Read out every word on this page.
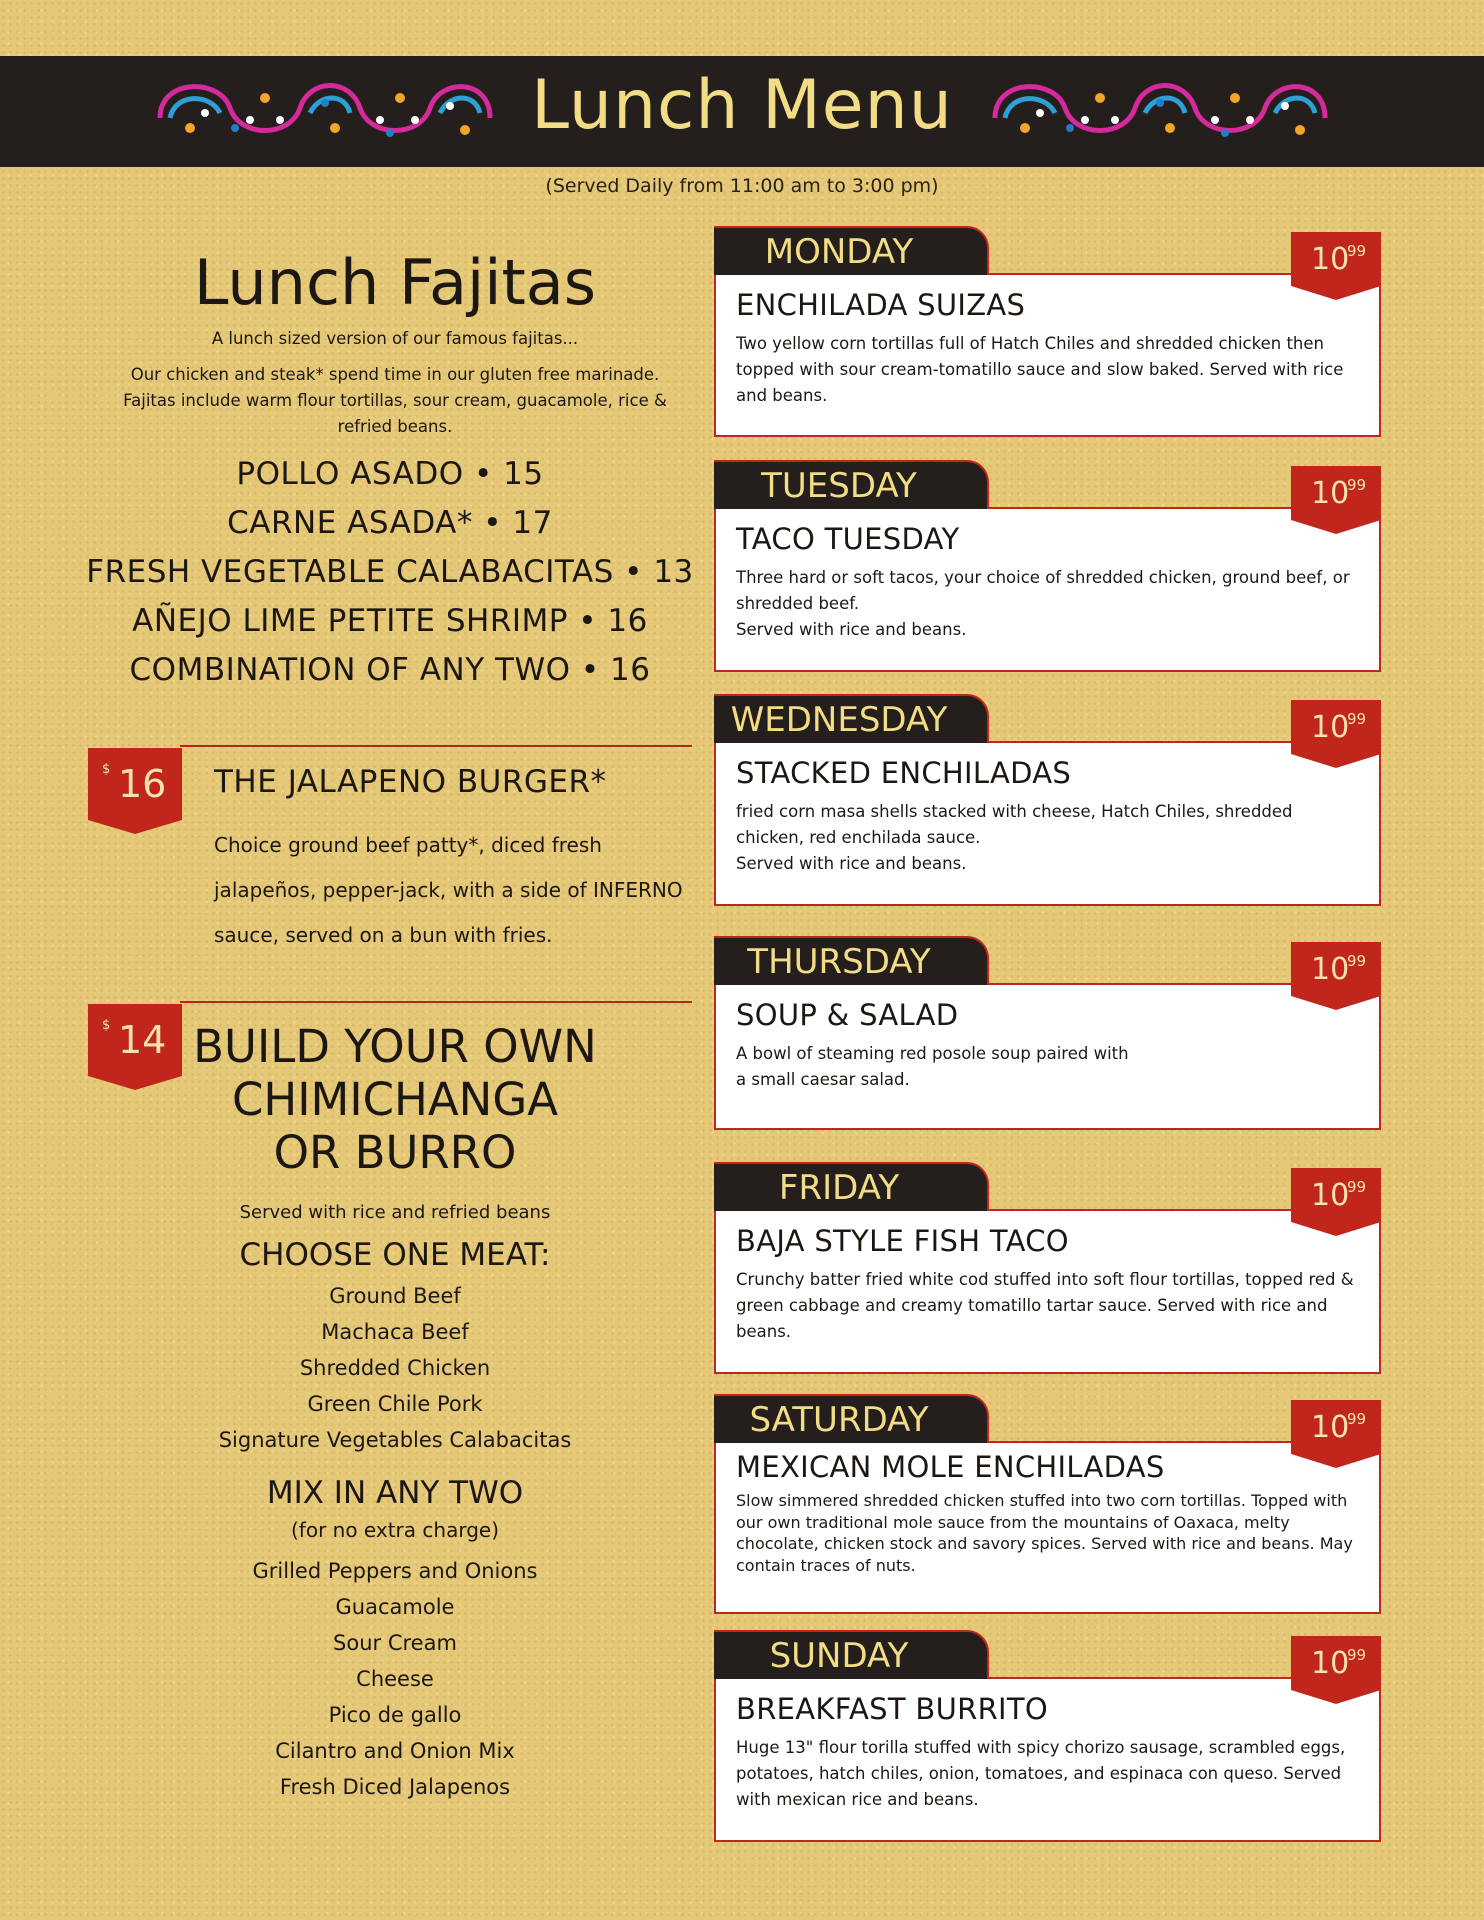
Lunch Menu
(Served Daily from 11:00 am to 3:00 pm)
Lunch Fajitas
A lunch sized version of our famous fajitas...
Our chicken and steak* spend time in our gluten free marinade. Fajitas include warm flour tortillas, sour cream, guacamole, rice & refried beans.
POLLO ASADO • 15
CARNE ASADA* • 17
FRESH VEGETABLE CALABACITAS • 13
AÑEJO LIME PETITE SHRIMP • 16
COMBINATION OF ANY TWO • 16
$ 16 THE JALAPENO BURGER*
Choice ground beef patty*, diced fresh jalapeños, pepper-jack, with a side of INFERNO sauce, served on a bun with fries.
$ 14 BUILD YOUR OWN
CHIMICHANGA
OR BURRO
Served with rice and refried beans
CHOOSE ONE MEAT:
Ground Beef
Machaca Beef
Shredded Chicken
Green Chile Pork
Signature Vegetables Calabacitas
MIX IN ANY TWO
(for no extra charge)
Grilled Peppers and Onions
Guacamole
Sour Cream
Cheese
Pico de gallo
Cilantro and Onion Mix
Fresh Diced Jalapenos
MONDAY	10
99
ENCHILADA SUIZAS
Two yellow corn tortillas full of Hatch Chiles and shredded chicken then topped with sour cream-tomatillo sauce and slow baked. Served with rice and beans.
TUESDAY	10
99
TACO TUESDAY
Three hard or soft tacos, your choice of shredded chicken, ground beef, or shredded beef.
Served with rice and beans.
WEDNESDAY	10
99
STACKED ENCHILADAS
fried corn masa shells stacked with cheese, Hatch Chiles, shredded chicken, red enchilada sauce.
Served with rice and beans.
THURSDAY	10
99
SOUP & SALAD
A bowl of steaming red posole soup paired with
a small caesar salad.
FRIDAY	10
99
BAJA STYLE FISH TACO
Crunchy batter fried white cod stuffed into soft flour tortillas, topped red & green cabbage and creamy tomatillo tartar sauce. Served with rice and beans.
SATURDAY	10
99
MEXICAN MOLE ENCHILADAS
Slow simmered shredded chicken stuffed into two corn tortillas. Topped with our own traditional mole sauce from the mountains of Oaxaca, melty chocolate, chicken stock and savory spices. Served with rice and beans. May contain traces of nuts.
SUNDAY	10
99
BREAKFAST BURRITO
Huge 13" flour torilla stuffed with spicy chorizo sausage, scrambled eggs, potatoes, hatch chiles, onion, tomatoes, and espinaca con queso. Served with mexican rice and beans.
